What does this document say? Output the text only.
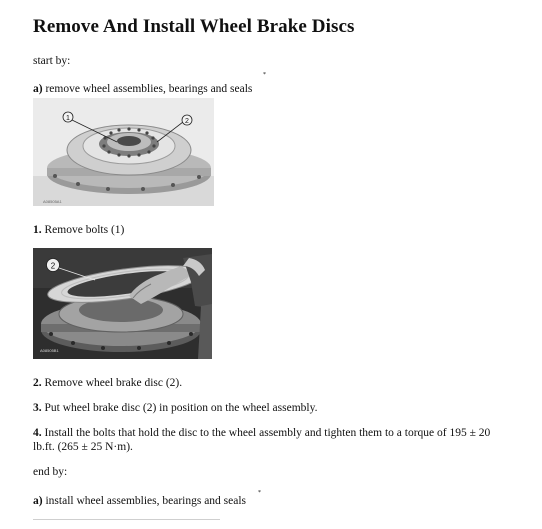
Remove And Install Wheel Brake Discs
start by:
a) remove wheel assemblies, bearings and seals
*
1	2
A08505A1
1. Remove bolts (1)
2
A08505B1
2. Remove wheel brake disc (2).
3. Put wheel brake disc (2) in position on the wheel assembly.
4. Install the bolts that hold the disc to the wheel assembly and tighten them to a torque of 195 ± 20 lb.ft. (265 ± 25 N·m).
end by:
a) install wheel assemblies, bearings and seals
*
